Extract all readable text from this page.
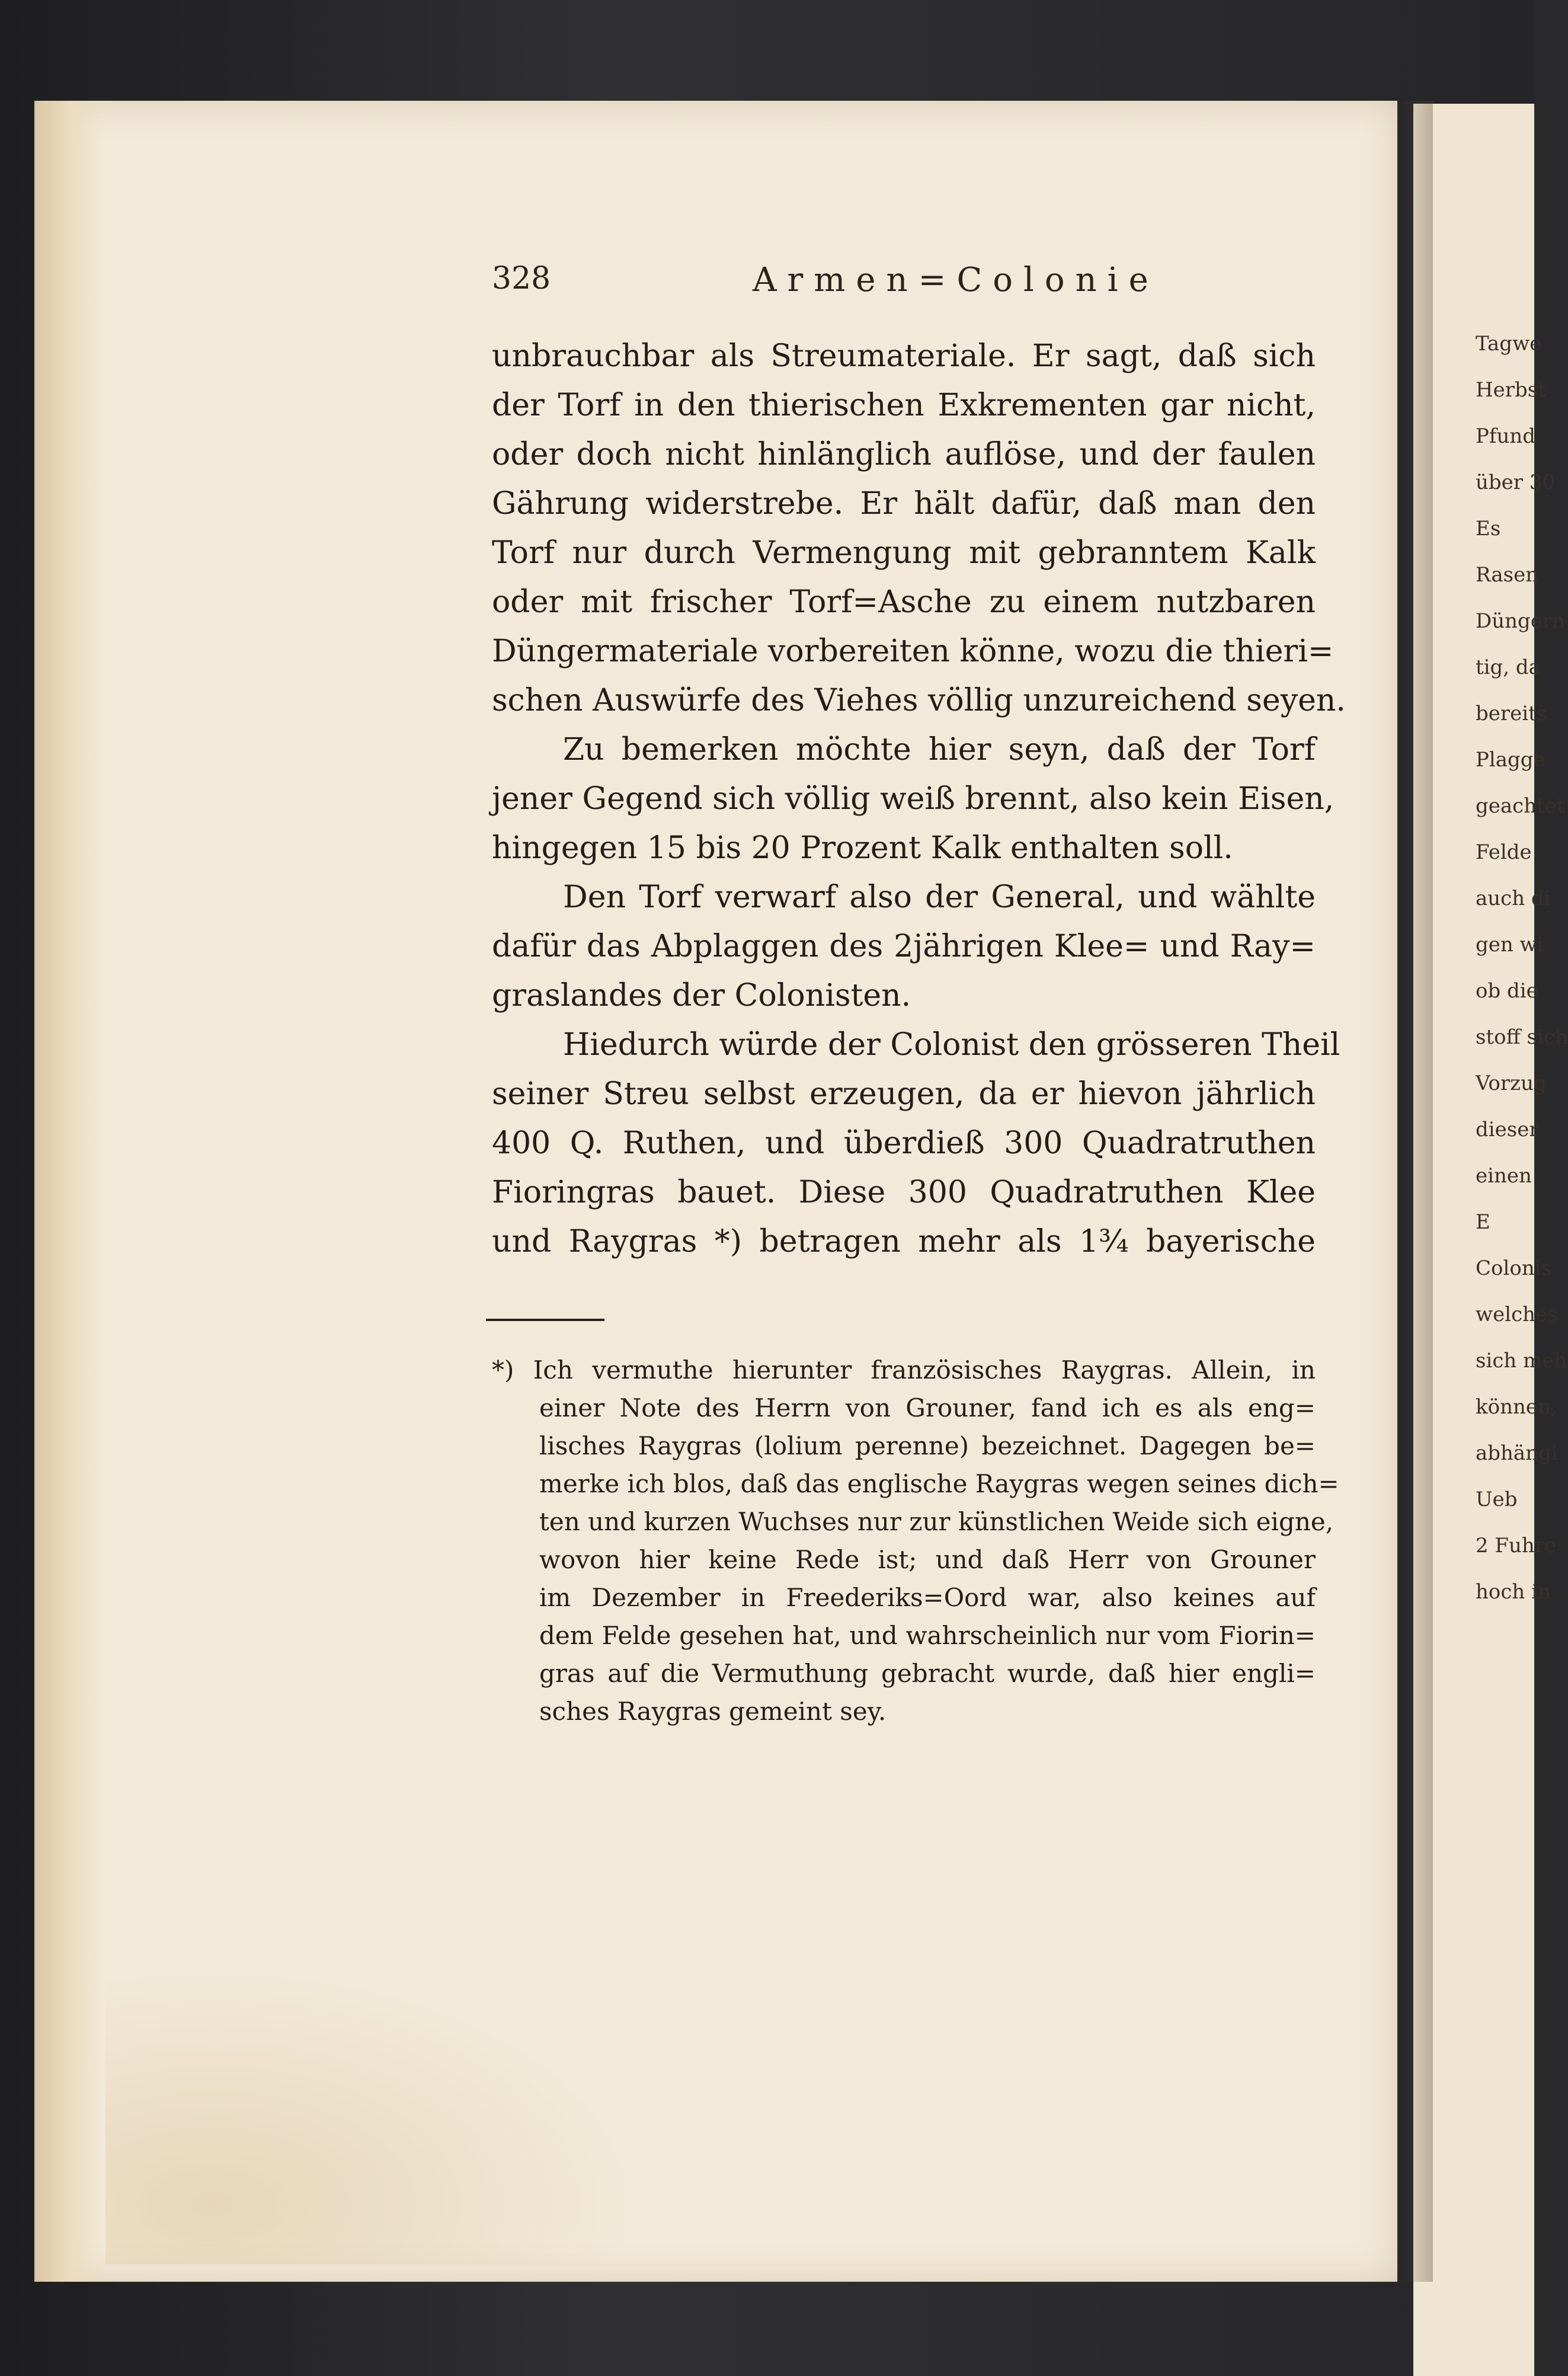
Tagwe
Herbst
Pfund
über 30
Es
Rasen
Düngern
tig, da
bereits
Plagge
geachtet
Felde
auch di
gen wi
ob die
stoff sich
Vorzug
dieser
einen
E
Colonis
welches
sich meh
können,
abhängi
Ueb
2 Fuhre
hoch in
328	Armen=Colonie
unbrauchbar als Streumateriale. Er sagt, daß sich
der Torf in den thierischen Exkrementen gar nicht,
oder doch nicht hinlänglich auflöse, und der faulen
Gährung widerstrebe. Er hält dafür, daß man den
Torf nur durch Vermengung mit gebranntem Kalk
oder mit frischer Torf=Asche zu einem nutzbaren
Düngermateriale vorbereiten könne, wozu die thieri=
schen Auswürfe des Viehes völlig unzureichend seyen.
Zu bemerken möchte hier seyn, daß der Torf
jener Gegend sich völlig weiß brennt, also kein Eisen,
hingegen 15 bis 20 Prozent Kalk enthalten soll.
Den Torf verwarf also der General, und wählte
dafür das Abplaggen des 2jährigen Klee= und Ray=
graslandes der Colonisten.
Hiedurch würde der Colonist den grösseren Theil
seiner Streu selbst erzeugen, da er hievon jährlich
400 Q. Ruthen, und überdieß 300 Quadratruthen
Fioringras bauet. Diese 300 Quadratruthen Klee
und Raygras *) betragen mehr als 1¾ bayerische
*) Ich vermuthe hierunter französisches Raygras. Allein, in
einer Note des Herrn von Grouner, fand ich es als eng=
lisches Raygras (lolium perenne) bezeichnet. Dagegen be=
merke ich blos, daß das englische Raygras wegen seines dich=
ten und kurzen Wuchses nur zur künstlichen Weide sich eigne,
wovon hier keine Rede ist; und daß Herr von Grouner
im Dezember in Freederiks=Oord war, also keines auf
dem Felde gesehen hat, und wahrscheinlich nur vom Fiorin=
gras auf die Vermuthung gebracht wurde, daß hier engli=
sches Raygras gemeint sey.
